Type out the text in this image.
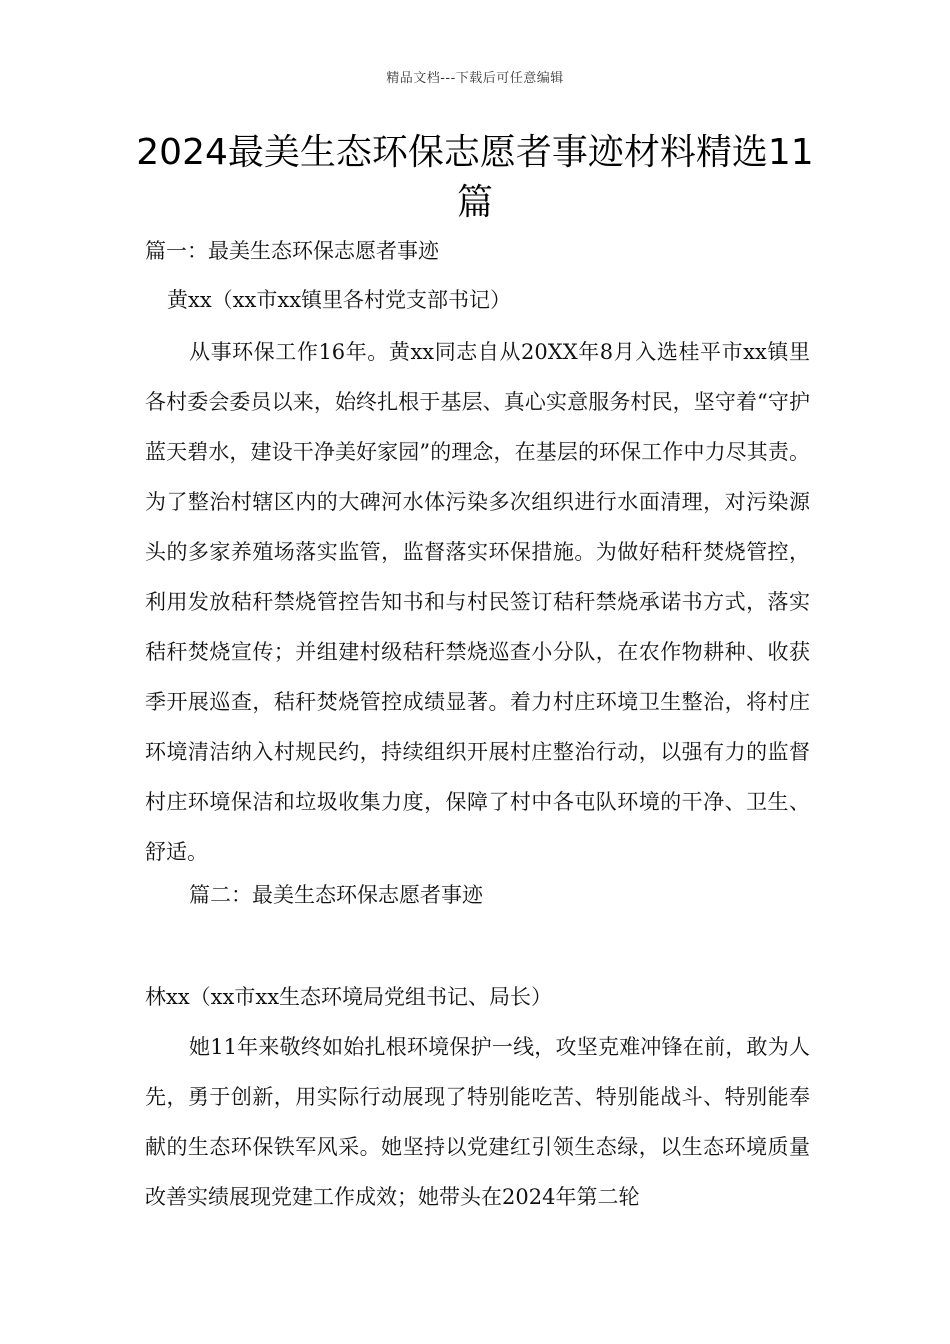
精品文档---下载后可任意编辑
2024最美生态环保志愿者事迹材料精选11篇

篇一：最美生态环保志愿者事迹

黄xx（xx市xx镇里各村党支部书记）

从事环保工作16年。黄xx同志自从20XX年8月入选桂平市xx镇里各村委会委员以来，始终扎根于基层、真心实意服务村民，坚守着“守护蓝天碧水，建设干净美好家园”的理念，在基层的环保工作中力尽其责。为了整治村辖区内的大碑河水体污染多次组织进行水面清理，对污染源头的多家养殖场落实监管，监督落实环保措施。为做好秸秆焚烧管控，利用发放秸秆禁烧管控告知书和与村民签订秸秆禁烧承诺书方式，落实秸秆焚烧宣传；并组建村级秸秆禁烧巡查小分队，在农作物耕种、收获季开展巡查，秸秆焚烧管控成绩显著。着力村庄环境卫生整治，将村庄环境清洁纳入村规民约，持续组织开展村庄整治行动，以强有力的监督村庄环境保洁和垃圾收集力度，保障了村中各屯队环境的干净、卫生、舒适。

篇二：最美生态环保志愿者事迹

林xx（xx市xx生态环境局党组书记、局长）

她11年来敬终如始扎根环境保护一线，攻坚克难冲锋在前，敢为人先，勇于创新，用实际行动展现了特别能吃苦、特别能战斗、特别能奉献的生态环保铁军风采。她坚持以党建红引领生态绿，以生态环境质量改善实绩展现党建工作成效；她带头在2024年第二轮
